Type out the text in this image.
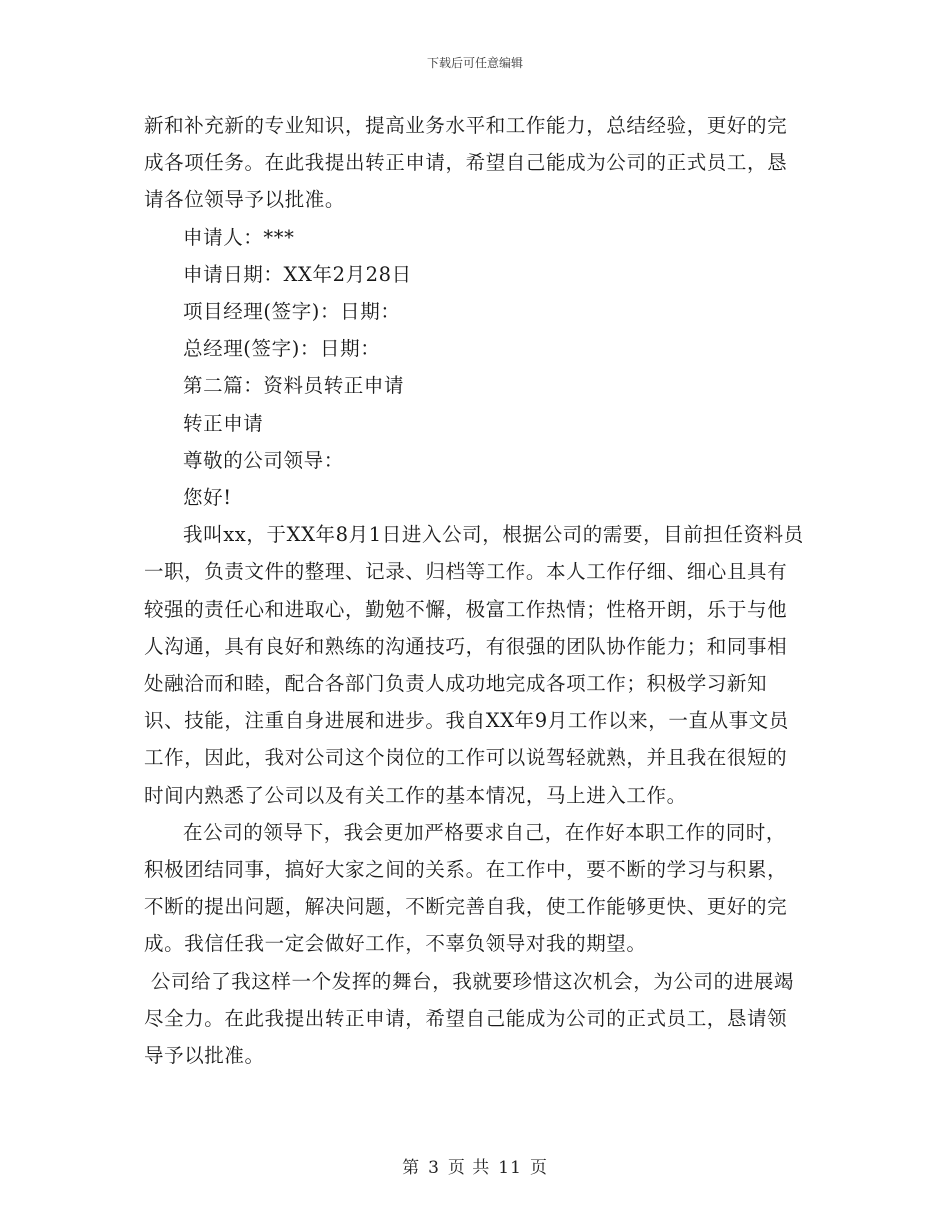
下载后可任意编辑

新和补充新的专业知识，提高业务水平和工作能力，总结经验，更好的完成各项任务。在此我提出转正申请，希望自己能成为公司的正式员工，恳请各位领导予以批准。

申请人：***

申请日期：XX年2月28日

项目经理(签字)：日期：

总经理(签字)：日期：

第二篇：资料员转正申请

转正申请

尊敬的公司领导：

您好!

我叫xx，于XX年8月1日进入公司，根据公司的需要，目前担任资料员一职，负责文件的整理、记录、归档等工作。本人工作仔细、细心且具有较强的责任心和进取心，勤勉不懈，极富工作热情；性格开朗，乐于与他人沟通，具有良好和熟练的沟通技巧，有很强的团队协作能力；和同事相处融洽而和睦，配合各部门负责人成功地完成各项工作；积极学习新知识、技能，注重自身进展和进步。我自XX年9月工作以来，一直从事文员工作，因此，我对公司这个岗位的工作可以说驾轻就熟，并且我在很短的时间内熟悉了公司以及有关工作的基本情况，马上进入工作。

在公司的领导下，我会更加严格要求自己，在作好本职工作的同时，积极团结同事，搞好大家之间的关系。在工作中，要不断的学习与积累，不断的提出问题，解决问题，不断完善自我，使工作能够更快、更好的完成。我信任我一定会做好工作，不辜负领导对我的期望。

公司给了我这样一个发挥的舞台，我就要珍惜这次机会，为公司的进展竭尽全力。在此我提出转正申请，希望自己能成为公司的正式员工，恳请领导予以批准。

第 3 页 共 11 页
